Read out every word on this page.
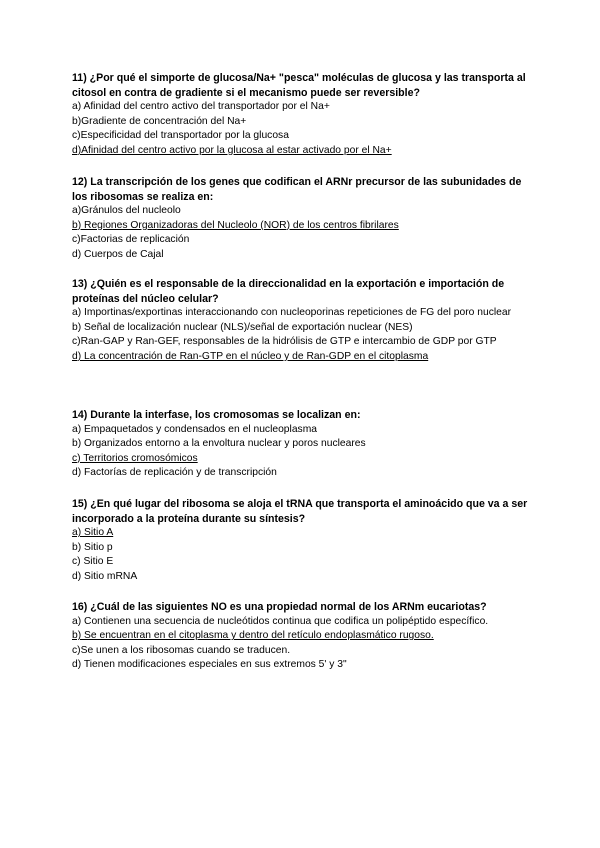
11) ¿Por qué el simporte de glucosa/Na+ "pesca" moléculas de glucosa y las transporta al citosol en contra de gradiente si el mecanismo puede ser reversible?

a) Afinidad del centro activo del transportador por el Na+
b)Gradiente de concentración del Na+
c)Especificidad del transportador por la glucosa
d)Afinidad del centro activo por la glucosa al estar activado por el Na+

12) La transcripción de los genes que codifican el ARNr precursor de las subunidades de los ribosomas se realiza en:

a)Gránulos del nucleolo
b) Regiones Organizadoras del Nucleolo (NOR) de los centros fibrilares
c)Factorias de replicación
d) Cuerpos de Cajal

13) ¿Quién es el responsable de la direccionalidad en la exportación e importación de proteínas del núcleo celular?

a) Importinas/exportinas interaccionando con nucleoporinas repeticiones de FG del poro nuclear
b) Señal de localización nuclear (NLS)/señal de exportación nuclear (NES)
c)Ran-GAP y Ran-GEF, responsables de la hidrólisis de GTP e intercambio de GDP por GTP
d) La concentración de Ran-GTP en el núcleo y de Ran-GDP en el citoplasma

14) Durante la interfase, los cromosomas se localizan en:

a) Empaquetados y condensados en el nucleoplasma
b) Organizados entorno a la envoltura nuclear y poros nucleares
c) Territorios cromosómicos
d) Factorías de replicación y de transcripción

15) ¿En qué lugar del ribosoma se aloja el tRNA que transporta el aminoácido que va a ser incorporado a la proteína durante su síntesis?

a) Sitio A
b) Sitio p
c) Sitio E
d) Sitio mRNA

16) ¿Cuál de las siguientes NO es una propiedad normal de los ARNm eucariotas?

a) Contienen una secuencia de nucleótidos continua que codifica un polipéptido específico.
b) Se encuentran en el citoplasma y dentro del retículo endoplasmático rugoso.
c)Se unen a los ribosomas cuando se traducen.
d) Tienen modificaciones especiales en sus extremos 5' y 3"
